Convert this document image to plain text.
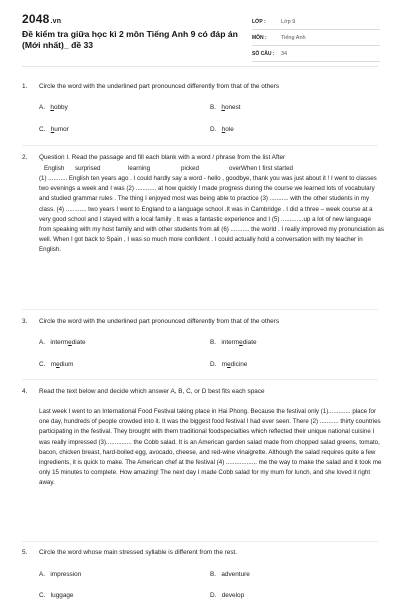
2048.vn
Đề kiểm tra giữa học kì 2 môn Tiếng Anh 9 có đáp án (Mới nhất)_ đề 33
LỚP :	Lớp 9
MÔN :	Tiếng Anh
SỐ CÂU :	34
1. Circle the word with the underlined part pronounced differently from that of the others
A. hobby	B. honest
C. humor	D. hole
2. Question I. Read the passage and fill each blank with a word / phrase from the list After
English surprised	learning	picked	overWhen I first started

(1) ........... English ten years ago . I could hardly say a word - hello , goodbye, thank you was just about it ! I went to classes two evenings a week and I was (2) ............ at how quickly I made progress during the course we learned lots of vocabulary and studied grammar rules . The thing I enjoyed most was being able to practice (3) ........... with the other students in my class. (4) ............ two years I went to England to a language school .It was in Cambridge . I did a three – week course at a very good school and I stayed with a local family . It was a fantastic experience and I (5) .............up a lot of new language from speaking with my host family and with other students from all (6) ........... the world . I really improved my pronunciation as well. When I got back to Spain , I was so much more confident . I could actually hold a conversation with my teacher in English.

3. Circle the word with the underlined part pronounced differently from that of the others
A. intermediate	B. intermediate
C. medium	D. medicine
4. Read the text below and decide which answer A, B, C, or D best fits each space

Last week I went to an International Food Festival taking place in Hai Phong. Because the festival only (1)............. place for one day, hundreds of people crowded into it. It was the biggest food festival I had ever seen. There (2) ........... thirty countries participating in the festival. They brought with them traditional foodspecialties which reflected their unique national cuisine I was really impressed (3)............... the Cobb salad. It is an American garden salad made from chopped salad greens, tomato, bacon, chicken breast, hard-boiled egg, avocado, cheese, and red-wine vinaigrette. Although the salad requires quite a few ingredients, it is quick to make. The American chef at the festival (4) .................. me the way to make the salad and it took me only 15 minutes to complete. How amazing! The next day I made Cobb salad for my mum for lunch, and she loved it right away.

5. Circle the word whose main stressed syllable is different from the rest.
A. impression	B. adventure
C. luggage	D. develop
